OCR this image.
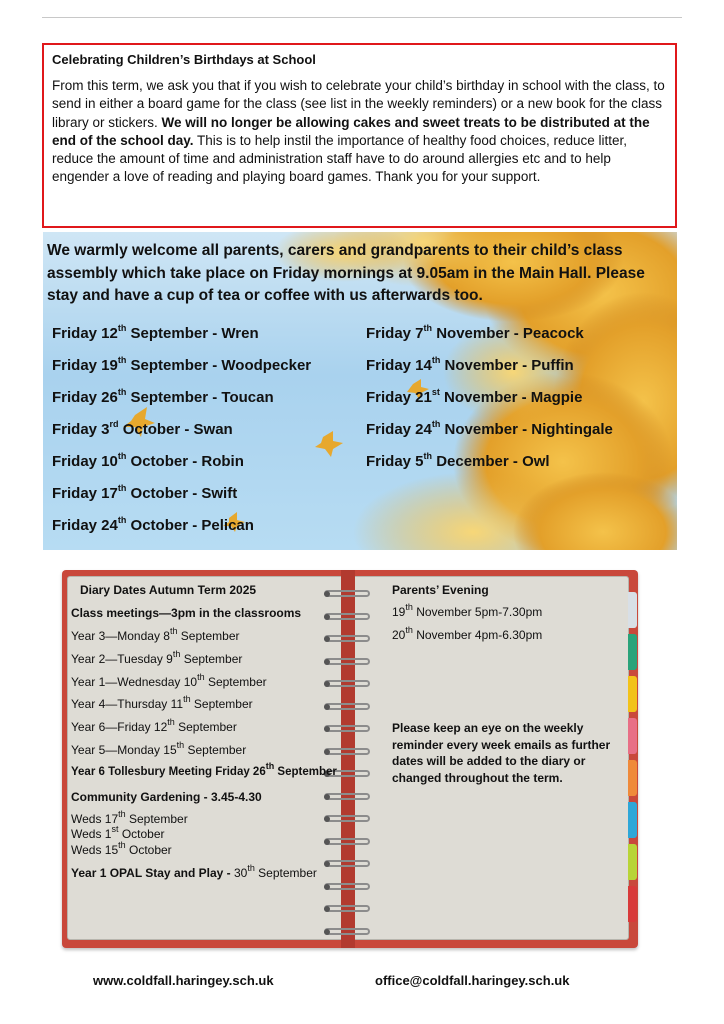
Celebrating Children’s Birthdays at School

From this term, we ask you that if you wish to celebrate your child’s birthday in school with the class, to send in either a board game for the class (see list in the weekly reminders) or a new book for the class library or stickers. We will no longer be allowing cakes and sweet treats to be distributed at the end of the school day. This is to help instil the importance of healthy food choices, reduce litter, reduce the amount of time and administration staff have to do around allergies etc and to help engender a love of reading and playing board games. Thank you for your support.

We warmly welcome all parents, carers and grandparents to their child’s class assembly which take place on Friday mornings at 9.05am in the Main Hall. Please stay and have a cup of tea or coffee with us afterwards too.
Friday 12th September - Wren
Friday 19th September - Woodpecker
Friday 26th September - Toucan
Friday 3rd October - Swan
Friday 10th October - Robin
Friday 17th October - Swift
Friday 24th October - Pelican
Friday 7th November - Peacock
Friday 14th November - Puffin
Friday 21st November - Magpie
Friday 24th November - Nightingale
Friday 5th December - Owl
Diary Dates Autumn Term 2025
Class meetings—3pm in the classrooms
Year 3—Monday 8th September
Year 2—Tuesday 9th September
Year 1—Wednesday 10th September
Year 4—Thursday 11th September
Year 6—Friday 12th September
Year 5—Monday 15th September
Year 6 Tollesbury Meeting Friday 26th September
Community Gardening - 3.45-4.30
Weds 17th September
Weds 1st October
Weds 15th October
Year 1 OPAL Stay and Play - 30th September
Parents’ Evening
19th November 5pm-7.30pm
20th November 4pm-6.30pm
Please keep an eye on the weekly reminder every week emails as further dates will be added to the diary or changed throughout the term.
www.coldfall.haringey.sch.uk	office@coldfall.haringey.sch.uk
